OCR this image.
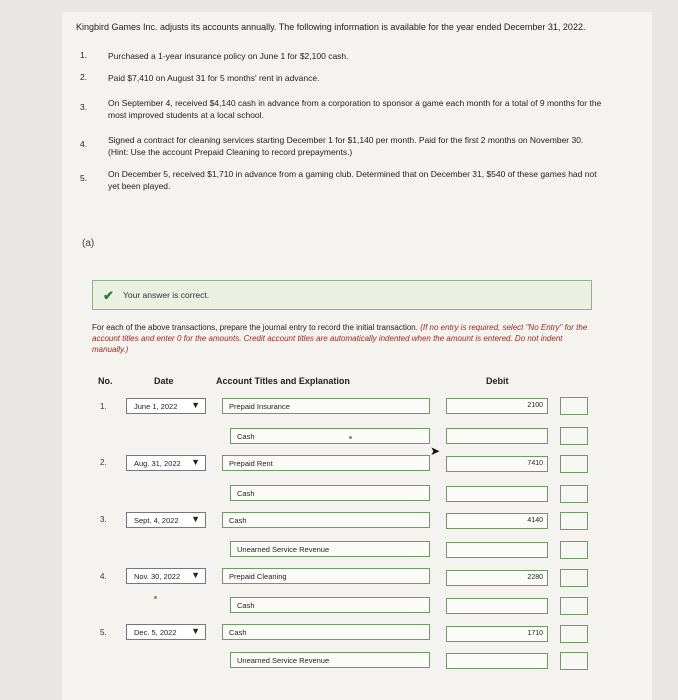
Kingbird Games Inc. adjusts its accounts annually. The following information is available for the year ended December 31, 2022.
1.	Purchased a 1-year insurance policy on June 1 for $2,100 cash.
2.	Paid $7,410 on August 31 for 5 months' rent in advance.
3.	On September 4, received $4,140 cash in advance from a corporation to sponsor a game each month for a total of 9 months for the most improved students at a local school.
4.	Signed a contract for cleaning services starting December 1 for $1,140 per month. Paid for the first 2 months on November 30. (Hint: Use the account Prepaid Cleaning to record prepayments.)
5.	On December 5, received $1,710 in advance from a gaming club. Determined that on December 31, $540 of these games had not yet been played.
(a)
✔ Your answer is correct.
For each of the above transactions, prepare the journal entry to record the initial transaction. (If no entry is required, select "No Entry" for the account titles and enter 0 for the amounts. Credit account titles are automatically indented when the amount is entered. Do not indent manually.)
No.	Date	Account Titles and Explanation	Debit
1.	June 1, 2022 ▼	Prepaid Insurance	2100
Cash
2.	Aug. 31, 2022 ▼	Prepaid Rent	7410
Cash
3.	Sept. 4, 2022 ▼	Cash	4140
Unearned Service Revenue
4.	Nov. 30, 2022 ▼	Prepaid Cleaning	2280
Cash
5.	Dec. 5, 2022 ▼	Cash	1710
Unearned Service Revenue
➤
